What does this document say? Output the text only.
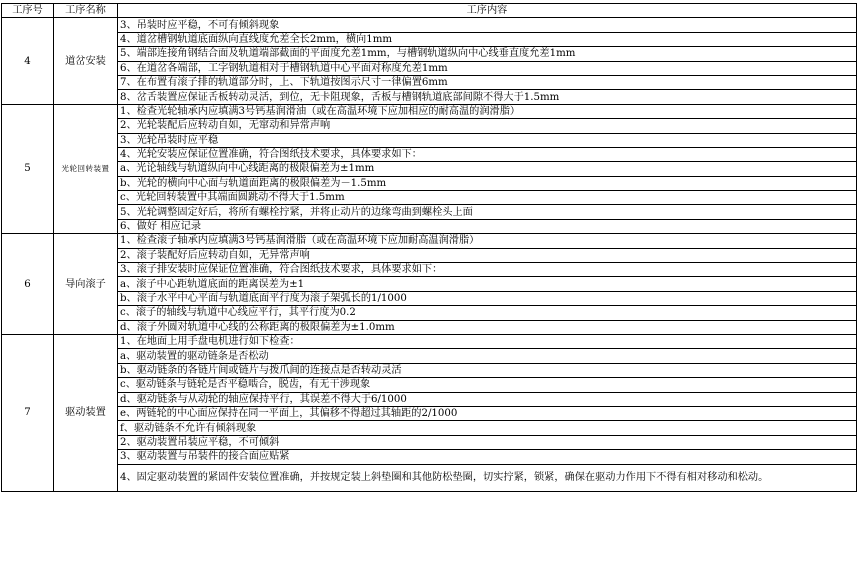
工序号	工序名称	工序内容
4	道岔安装	3、吊装时应平稳，不可有倾斜现象
		4、道岔槽钢轨道底面纵向直线度允差全长2mm，横向1mm
		5、端部连接角钢结合面及轨道端部截面的平面度允差1mm，与槽钢轨道纵向中心线垂直度允差1mm
		6、在道岔各端部，工字钢轨道相对于槽钢轨道中心平面对称度允差1mm
		7、在布置有滚子排的轨道部分时，上、下轨道按图示尺寸一律偏置6mm
		8、岔舌装置应保证舌板转动灵活，到位，无卡阻现象，舌板与槽钢轨道底部间隙不得大于1.5mm
5	光轮回转装置	1、检查光轮轴承内应填满3号钙基润滑油（或在高温环境下应加相应的耐高温的润滑脂）
		2、光轮装配后应转动自如，无窜动和异常声响
		3、光轮吊装时应平稳
		4、光轮安装应保证位置准确，符合图纸技术要求，具体要求如下：
		a、光论轴线与轨道纵向中心线距离的极限偏差为±1mm
		b、光轮的横向中心面与轨道面距离的极限偏差为－1.5mm
		c、光轮回转装置中其端面圆跳动不得大于1.5mm
		5、光轮调整固定好后，将所有螺栓拧紧，并将止动片的边缘弯曲到螺栓头上面
		6、做好 相应记录
6	导向滚子	1、检查滚子轴承内应填满3号钙基润滑脂（或在高温环境下应加耐高温润滑脂）
		2、滚子装配好后应转动自如，无异常声响
		3、滚子排安装时应保证位置准确，符合图纸技术要求，具体要求如下：
		a、滚子中心距轨道底面的距离误差为±1
		b、滚子水平中心平面与轨道底面平行度为滚子架弧长的1/1000
		c、滚子的轴线与轨道中心线应平行，其平行度为0.2
		d、滚子外圆对轨道中心线的公称距离的极限偏差为±1.0mm
7	驱动装置	1、在地面上用手盘电机进行如下检查：
		a、驱动装置的驱动链条是否松动
		b、驱动链条的各链片间或链片与拨爪间的连接点是否转动灵活
		c、驱动链条与链轮是否平稳啮合，脱齿，有无干涉现象
		d、驱动链条与从动轮的轴应保持平行，其误差不得大于6/1000
		e、两链轮的中心面应保持在同一平面上，其偏移不得超过其轴距的2/1000
		f、驱动链条不允许有倾斜现象
		2、驱动装置吊装应平稳，不可倾斜
		3、驱动装置与吊装件的接合面应贴紧
		4、固定驱动装置的紧固件安装位置准确，并按规定装上斜垫圈和其他防松垫圈，切实拧紧，锁紧，确保在驱动力作用下不得有相对移动和松动。
